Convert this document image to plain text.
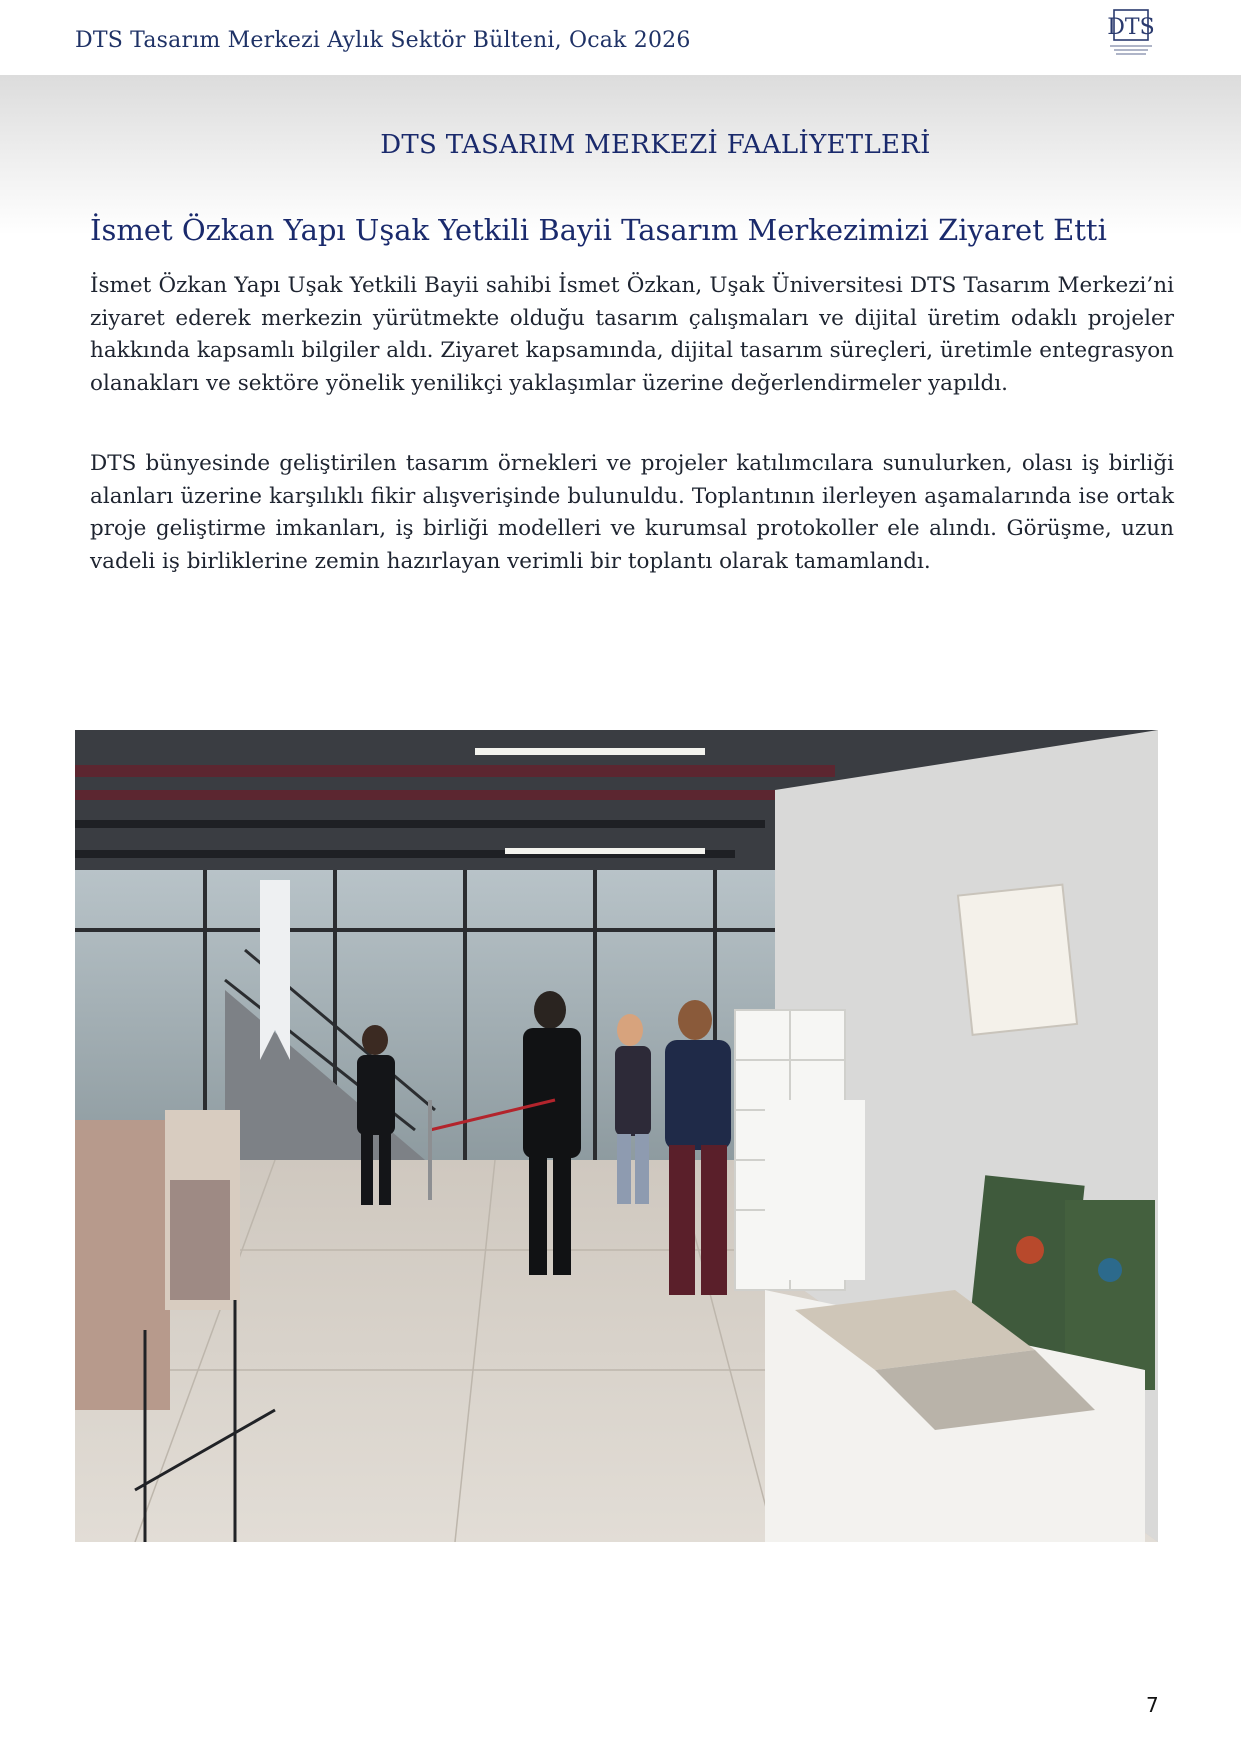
DTS Tasarım Merkezi Aylık Sektör Bülteni, Ocak 2026
DTS
DTS TASARIM MERKEZİ FAALİYETLERİ
İsmet Özkan Yapı Uşak Yetkili Bayii Tasarım Merkezimizi Ziyaret Etti

İsmet Özkan Yapı Uşak Yetkili Bayii sahibi İsmet Özkan, Uşak Üniversitesi DTS Tasarım Merkezi’ni ziyaret ederek merkezin yürütmekte olduğu tasarım çalışmaları ve dijital üretim odaklı projeler hakkında kapsamlı bilgiler aldı. Ziyaret kapsamında, dijital tasarım süreçleri, üretimle entegrasyon olanakları ve sektöre yönelik yenilikçi yaklaşımlar üzerine değerlendirmeler yapıldı.

DTS bünyesinde geliştirilen tasarım örnekleri ve projeler katılımcılara sunulurken, olası iş birliği alanları üzerine karşılıklı fikir alışverişinde bulunuldu. Toplantının ilerleyen aşamalarında ise ortak proje geliştirme imkanları, iş birliği modelleri ve kurumsal protokoller ele alındı. Görüşme, uzun vadeli iş birliklerine zemin hazırlayan verimli bir toplantı olarak tamamlandı.

7
